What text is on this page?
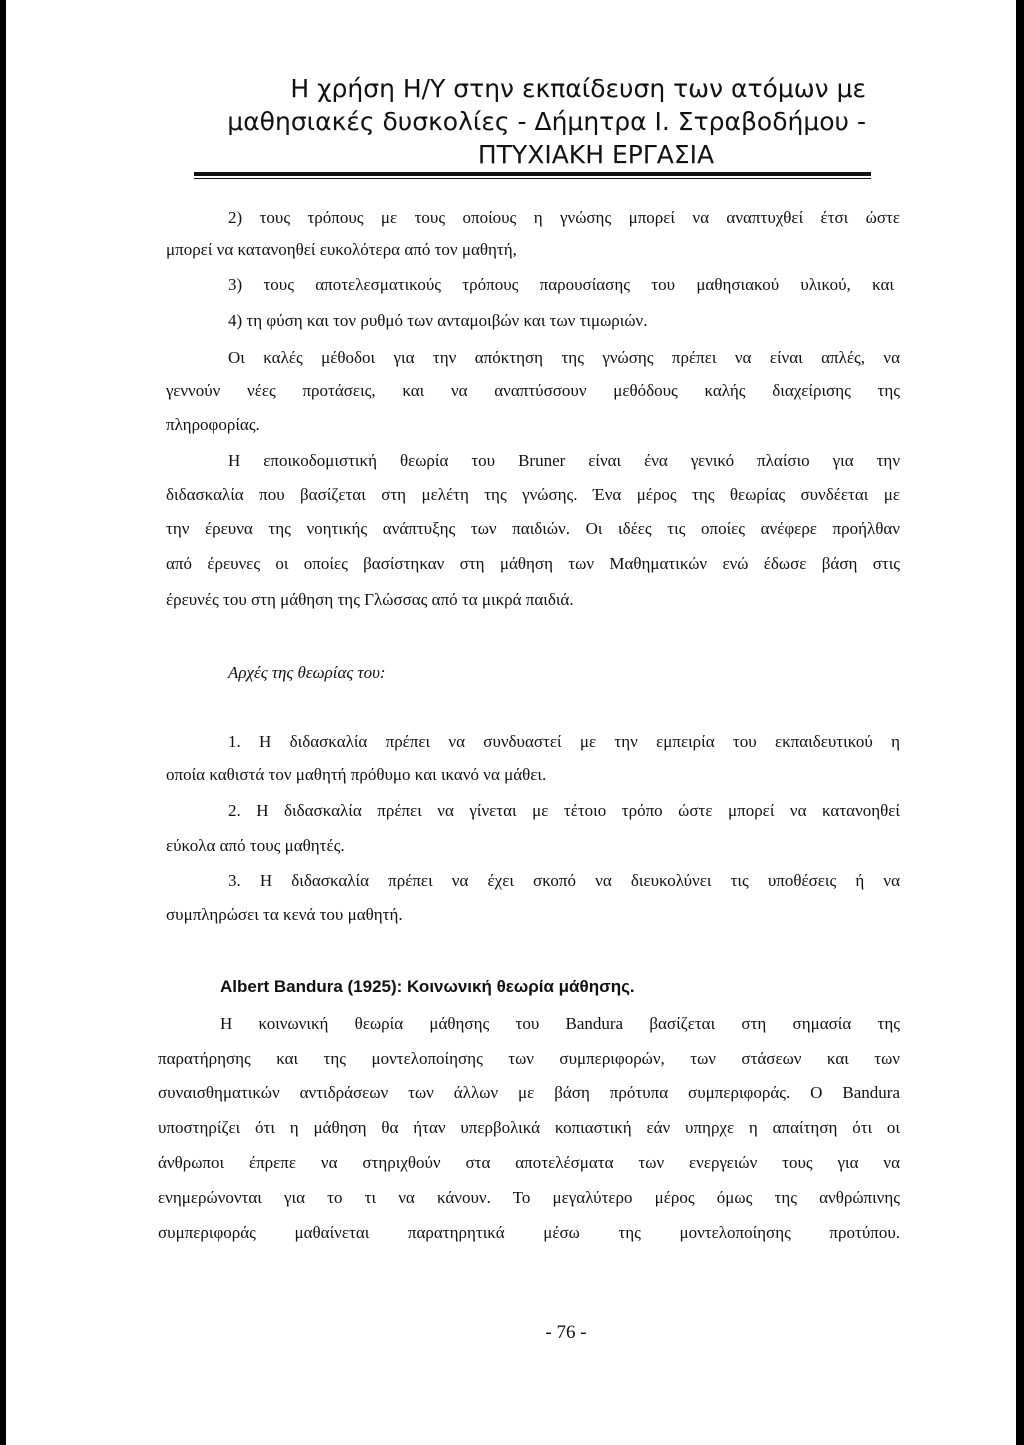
Η χρήση Η/Υ στην εκπαίδευση των ατόμων με
μαθησιακές δυσκολίες - Δήμητρα Ι. Στραβοδήμου -
ΠΤΥΧΙΑΚΗ ΕΡΓΑΣΙΑ
2) τους τρόπους με τους οποίους η γνώσης μπορεί να αναπτυχθεί έτσι ώστε
μπορεί να κατανοηθεί ευκολότερα από τον μαθητή,
3) τους αποτελεσματικούς τρόπους παρουσίασης του μαθησιακού υλικού, και
4) τη φύση και τον ρυθμό των ανταμοιβών και των τιμωριών.
Οι καλές μέθοδοι για την απόκτηση της γνώσης πρέπει να είναι απλές, να
γεννούν νέες προτάσεις, και να αναπτύσσουν μεθόδους καλής διαχείρισης της
πληροφορίας.
Η εποικοδομιστική θεωρία του Bruner είναι ένα γενικό πλαίσιο για την
διδασκαλία που βασίζεται στη μελέτη της γνώσης. Ένα μέρος της θεωρίας συνδέεται με
την έρευνα της νοητικής ανάπτυξης των παιδιών. Οι ιδέες τις οποίες ανέφερε προήλθαν
από έρευνες οι οποίες βασίστηκαν στη μάθηση των Μαθηματικών ενώ έδωσε βάση στις
έρευνές του στη μάθηση της Γλώσσας από τα μικρά παιδιά.
Αρχές της θεωρίας του:
1. Η διδασκαλία πρέπει να συνδυαστεί με την εμπειρία του εκπαιδευτικού η
οποία καθιστά τον μαθητή πρόθυμο και ικανό να μάθει.
2. Η διδασκαλία πρέπει να γίνεται με τέτοιο τρόπο ώστε μπορεί να κατανοηθεί
εύκολα από τους μαθητές.
3. Η διδασκαλία πρέπει να έχει σκοπό να διευκολύνει τις υποθέσεις ή να
συμπληρώσει τα κενά του μαθητή.
Albert Bandura (1925): Κοινωνική θεωρία μάθησης.
Η κοινωνική θεωρία μάθησης του Bandura βασίζεται στη σημασία της
παρατήρησης και της μοντελοποίησης των συμπεριφορών, των στάσεων και των
συναισθηματικών αντιδράσεων των άλλων με βάση πρότυπα συμπεριφοράς. Ο Bandura
υποστηρίζει ότι η μάθηση θα ήταν υπερβολικά κοπιαστική εάν υπηρχε η απαίτηση ότι οι
άνθρωποι έπρεπε να στηριχθούν στα αποτελέσματα των ενεργειών τους για να
ενημερώνονται για το τι να κάνουν. Το μεγαλύτερο μέρος όμως της ανθρώπινης
συμπεριφοράς μαθαίνεται παρατηρητικά μέσω της μοντελοποίησης προτύπου.
- 76 -
